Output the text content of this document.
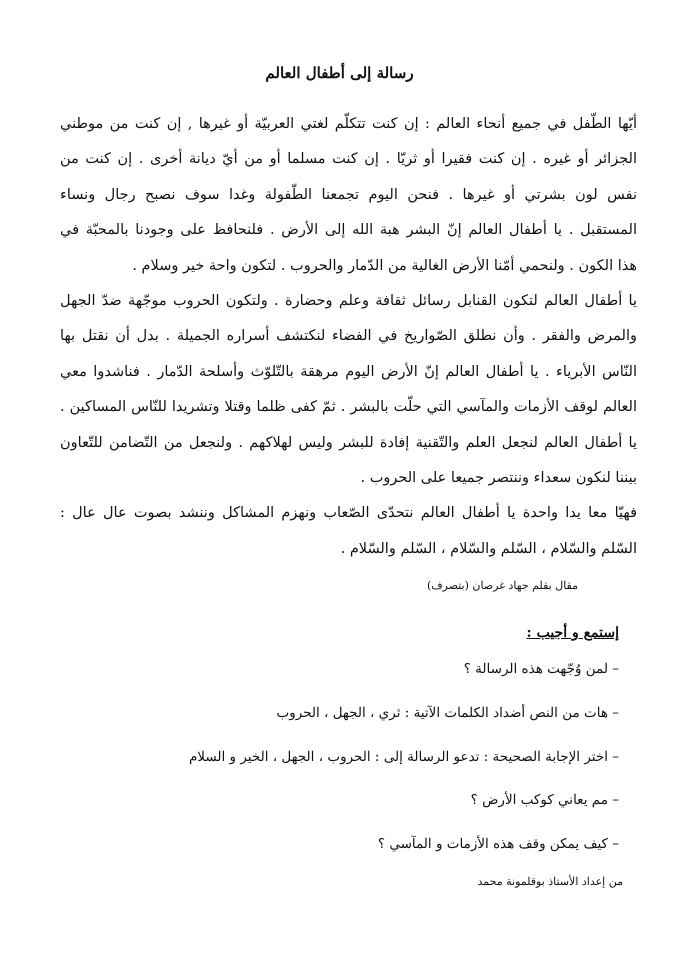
رسالة إلى أطفال العالم
أيّها الطّفل في جميع أنحاء العالم : إن كنت تتكلّم لغتي العربيّة أو غيرها , إن كنت من موطني
الجزائر أو غيره . إن كنت فقيرا أو ثريّا . إن كنت مسلما أو من أيّ ديانة أخرى . إن كنت من
نفس لون بشرتي أو غيرها . فنحن اليوم تجمعنا الطّفولة وغدا سوف نصبح رجال ونساء
المستقبل . يا أطفال العالم إنّ البشر هبة الله إلى الأرض . فلنحافظ على وجودنا بالمحبّة في
هذا الكون . ولنحمي أمّنا الأرض الغالية من الدّمار والحروب . لتكون واحة خير وسلام .
يا أطفال العالم لتكون القنابل رسائل ثقافة وعلم وحضارة . ولتكون الحروب موجّهة ضدّ الجهل
والمرض والفقر . وأن نطلق الصّواريخ في الفضاء لنكتشف أسراره الجميلة . بدل أن نقتل بها
النّاس الأبرياء . يا أطفال العالم إنّ الأرض اليوم مرهقة بالتّلوّث وأسلحة الدّمار . فناشدوا معي
العالم لوقف الأزمات والمآسي التي حلّت بالبشر . ثمّ كفى ظلما وقتلا وتشريدا للنّاس المساكين .
يا أطفال العالم لنجعل العلم والتّقنية إفادة للبشر وليس لهلاكهم . ولنجعل من التّضامن للتّعاون
بيننا لنكون سعداء وننتصر جميعا على الحروب .
فهيّا معا يدا واحدة يا أطفال العالم نتحدّى الصّعاب ونهزم المشاكل وننشد بصوت عال عال :
السّلم والسّلام ، السّلم والسّلام ، السّلم والسّلام .
مقال بقلم جهاد غرصان (بتصرف)
إستمع و أجيب :
– لمن وُجّهت هذه الرسالة ؟
– هات من النص أضداد الكلمات الآتية : ثري ، الجهل ، الحروب
– اختر الإجابة الصحيحة : تدعو الرسالة إلى : الحروب ، الجهل ، الخير و السلام
– مم يعاني كوكب الأرض ؟
– كيف يمكن وقف هذه الأزمات و المآسي ؟
من إعداد الأستاذ بوقلمونة محمد
